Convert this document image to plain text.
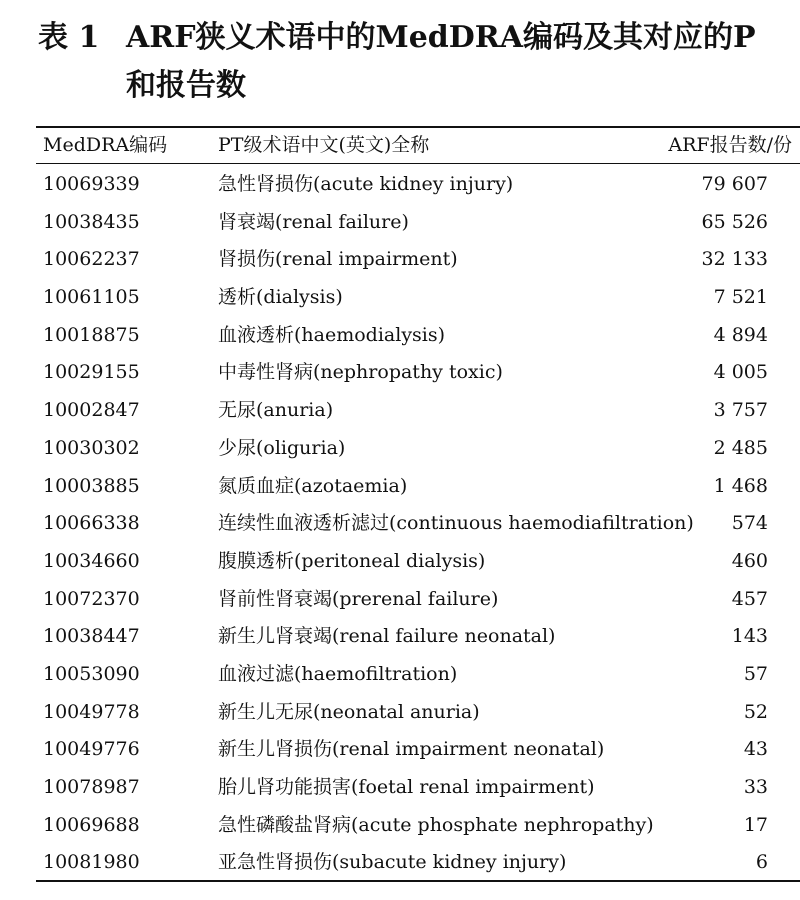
表 1 ARF狭义术语中的MedDRA编码及其对应的P
和报告数
MedDRA编码	PT级术语中文(英文)全称	ARF报告数/份
10069339	急性肾损伤(acute kidney injury)	79 607
10038435	肾衰竭(renal failure)	65 526
10062237	肾损伤(renal impairment)	32 133
10061105	透析(dialysis)	7 521
10018875	血液透析(haemodialysis)	4 894
10029155	中毒性肾病(nephropathy toxic)	4 005
10002847	无尿(anuria)	3 757
10030302	少尿(oliguria)	2 485
10003885	氮质血症(azotaemia)	1 468
10066338	连续性血液透析滤过(continuous haemodiafiltration) 574
10034660	腹膜透析(peritoneal dialysis)	460
10072370	肾前性肾衰竭(prerenal failure)	457
10038447	新生儿肾衰竭(renal failure neonatal)	143
10053090	血液过滤(haemofiltration)	57
10049778	新生儿无尿(neonatal anuria)	52
10049776	新生儿肾损伤(renal impairment neonatal)	43
10078987	胎儿肾功能损害(foetal renal impairment)	33
10069688	急性磷酸盐肾病(acute phosphate nephropathy)	17
10081980	亚急性肾损伤(subacute kidney injury)	6
